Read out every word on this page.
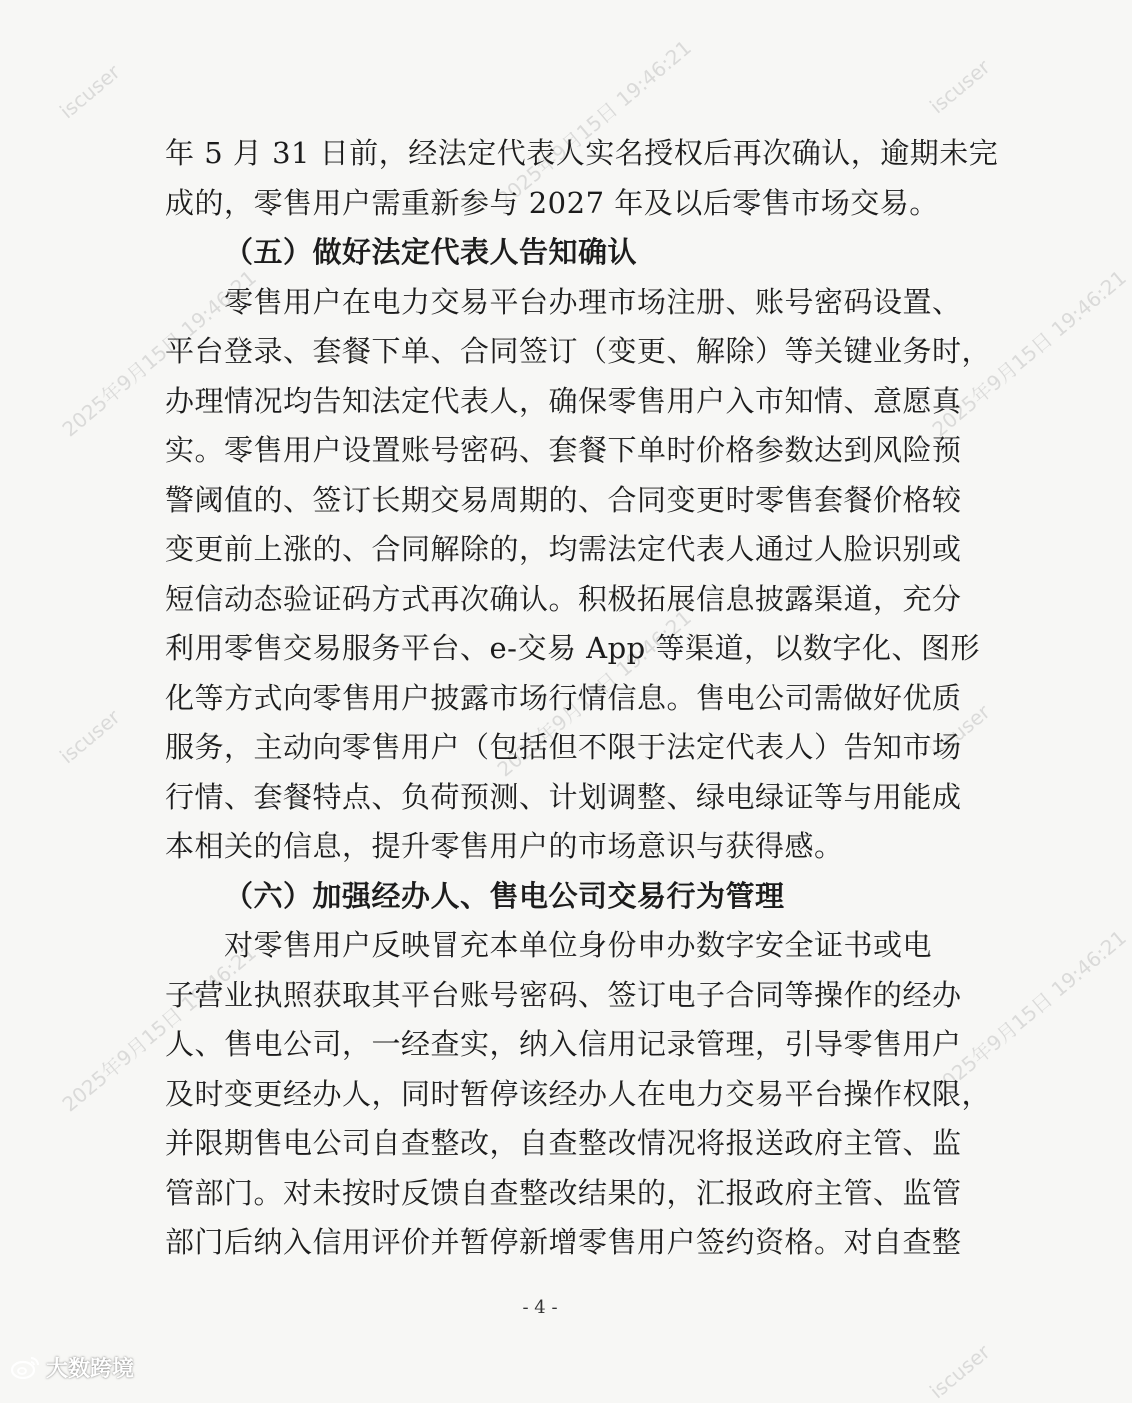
2025年9月15日 19:46:21
iscuser	iscuser
2025年9月15日 19:46:21	2025年9月15日 19:46:21
2025年9月15日 19:46:21
iscuser	iscuser
2025年9月15日 19:46:21	2025年9月15日 19:46:21
iscuser
年 5 月 31 日前，经法定代表人实名授权后再次确认，逾期未完
成的，零售用户需重新参与 2027 年及以后零售市场交易。
（五）做好法定代表人告知确认
零售用户在电力交易平台办理市场注册、账号密码设置、
平台登录、套餐下单、合同签订（变更、解除）等关键业务时，
办理情况均告知法定代表人，确保零售用户入市知情、意愿真
实。零售用户设置账号密码、套餐下单时价格参数达到风险预
警阈值的、签订长期交易周期的、合同变更时零售套餐价格较
变更前上涨的、合同解除的，均需法定代表人通过人脸识别或
短信动态验证码方式再次确认。积极拓展信息披露渠道，充分
利用零售交易服务平台、e-交易 App 等渠道，以数字化、图形
化等方式向零售用户披露市场行情信息。售电公司需做好优质
服务，主动向零售用户（包括但不限于法定代表人）告知市场
行情、套餐特点、负荷预测、计划调整、绿电绿证等与用能成
本相关的信息，提升零售用户的市场意识与获得感。
（六）加强经办人、售电公司交易行为管理
对零售用户反映冒充本单位身份申办数字安全证书或电
子营业执照获取其平台账号密码、签订电子合同等操作的经办
人、售电公司，一经查实，纳入信用记录管理，引导零售用户
及时变更经办人，同时暂停该经办人在电力交易平台操作权限，
并限期售电公司自查整改，自查整改情况将报送政府主管、监
管部门。对未按时反馈自查整改结果的，汇报政府主管、监管
部门后纳入信用评价并暂停新增零售用户签约资格。对自查整
- 4 -
大数跨境
